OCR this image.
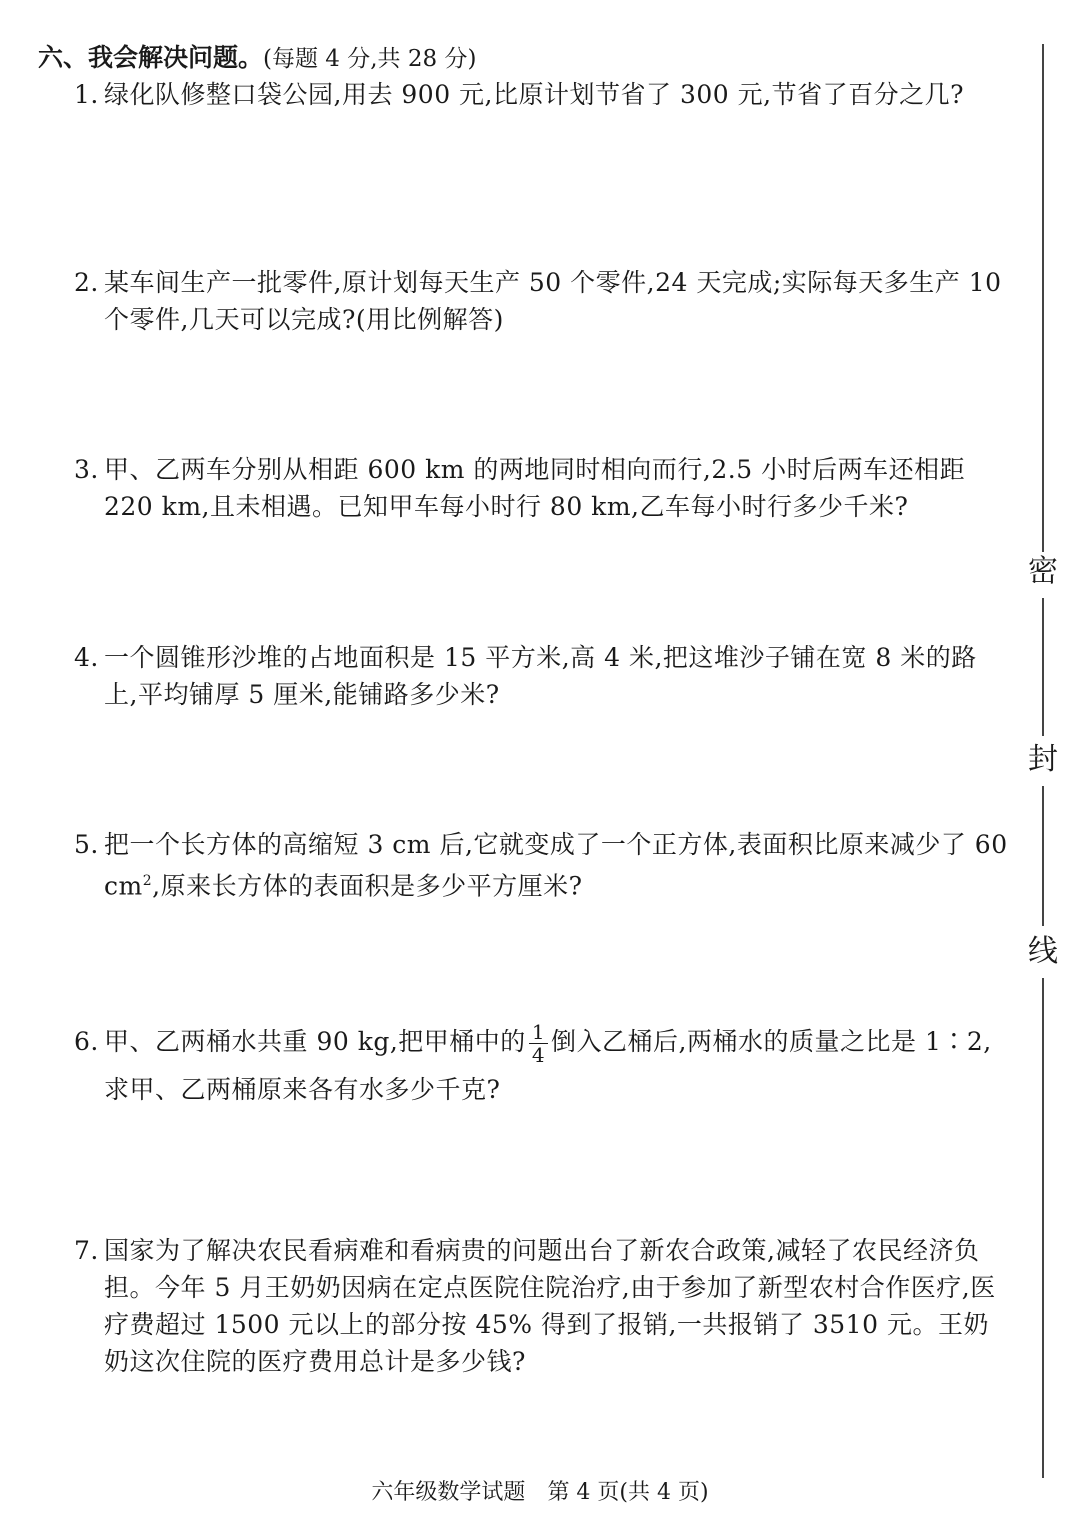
六、我会解决问题。(每题 4 分,共 28 分)
1. 绿化队修整口袋公园,用去 900 元,比原计划节省了 300 元,节省了百分之几?
2. 某车间生产一批零件,原计划每天生产 50 个零件,24 天完成;实际每天多生产 10 个零件,几天可以完成?(用比例解答)
3. 甲、乙两车分别从相距 600 km 的两地同时相向而行,2.5 小时后两车还相距 220 km,且未相遇。已知甲车每小时行 80 km,乙车每小时行多少千米?
4. 一个圆锥形沙堆的占地面积是 15 平方米,高 4 米,把这堆沙子铺在宽 8 米的路上,平均铺厚 5 厘米,能铺路多少米?
5. 把一个长方体的高缩短 3 cm 后,它就变成了一个正方体,表面积比原来减少了 60 $cm^2$,原来长方体的表面积是多少平方厘米?
6. 甲、乙两桶水共重 90 kg,把甲桶中的 $\frac{1}{4}$ 倒入乙桶后,两桶水的质量之比是 1∶2,求甲、乙两桶原来各有水多少千克?
7. 国家为了解决农民看病难和看病贵的问题出台了新农合政策,减轻了农民经济负担。今年 5 月王奶奶因病在定点医院住院治疗,由于参加了新型农村合作医疗,医疗费超过 1500 元以上的部分按 45% 得到了报销,一共报销了 3510 元。王奶奶这次住院的医疗费用总计是多少钱?
密
封
线
六年级数学试题 第 4 页(共 4 页)
